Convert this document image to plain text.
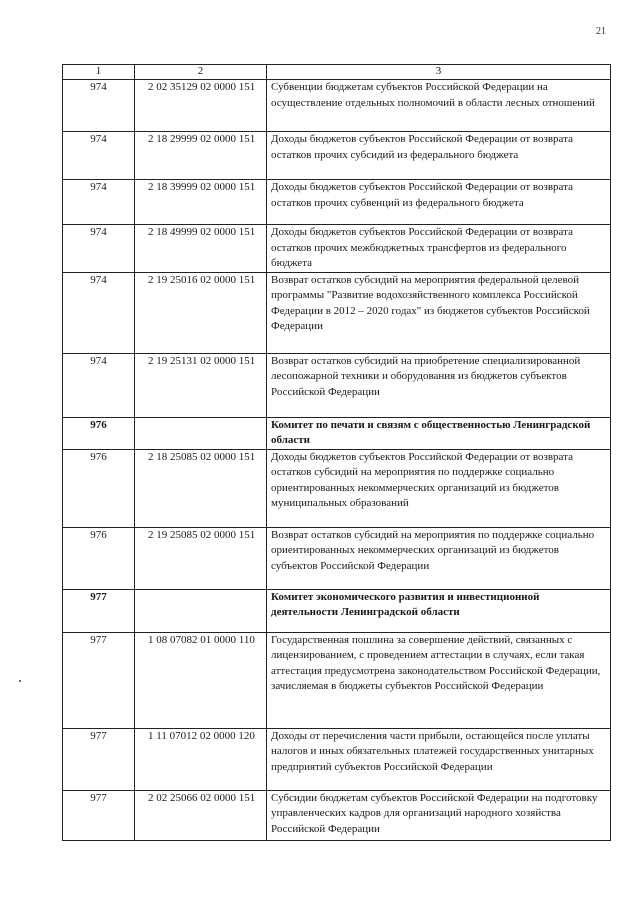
21
1	2	3
974	2 02 35129 02 0000 151	Субвенции бюджетам субъектов Российской Федерации на осуществление отдельных полномочий в области лесных отношений
974	2 18 29999 02 0000 151	Доходы бюджетов субъектов Российской Федерации от возврата остатков прочих субсидий из федерального бюджета
974	2 18 39999 02 0000 151	Доходы бюджетов субъектов Российской Федерации от возврата остатков прочих субвенций из федерального бюджета
974	2 18 49999 02 0000 151	Доходы бюджетов субъектов Российской Федерации от возврата остатков прочих межбюджетных трансфертов из федерального бюджета
974	2 19 25016 02 0000 151	Возврат остатков субсидий на мероприятия федеральной целевой программы "Развитие водохозяйственного комплекса Российской Федерации в 2012 – 2020 годах" из бюджетов субъектов Российской Федерации
974	2 19 25131 02 0000 151	Возврат остатков субсидий на приобретение специализированной лесопожарной техники и оборудования из бюджетов субъектов Российской Федерации
976		Комитет по печати и связям с общественностью Ленинградской области
976	2 18 25085 02 0000 151	Доходы бюджетов субъектов Российской Федерации от возврата остатков субсидий на мероприятия по поддержке социально ориентированных некоммерческих организаций из бюджетов муниципальных образований
976	2 19 25085 02 0000 151	Возврат остатков субсидий на мероприятия по поддержке социально ориентированных некоммерческих организаций из бюджетов субъектов Российской Федерации
977		Комитет экономического развития и инвестиционной деятельности Ленинградской области
977	1 08 07082 01 0000 110	Государственная пошлина за совершение действий, связанных с лицензированием, с проведением аттестации в случаях, если такая аттестация предусмотрена законодательством Российской Федерации, зачисляемая в бюджеты субъектов Российской Федерации
977	1 11 07012 02 0000 120	Доходы от перечисления части прибыли, остающейся после уплаты налогов и иных обязательных платежей государственных унитарных предприятий субъектов Российской Федерации
977	2 02 25066 02 0000 151	Субсидии бюджетам субъектов Российской Федерации на подготовку управленческих кадров для организаций народного хозяйства Российской Федерации
